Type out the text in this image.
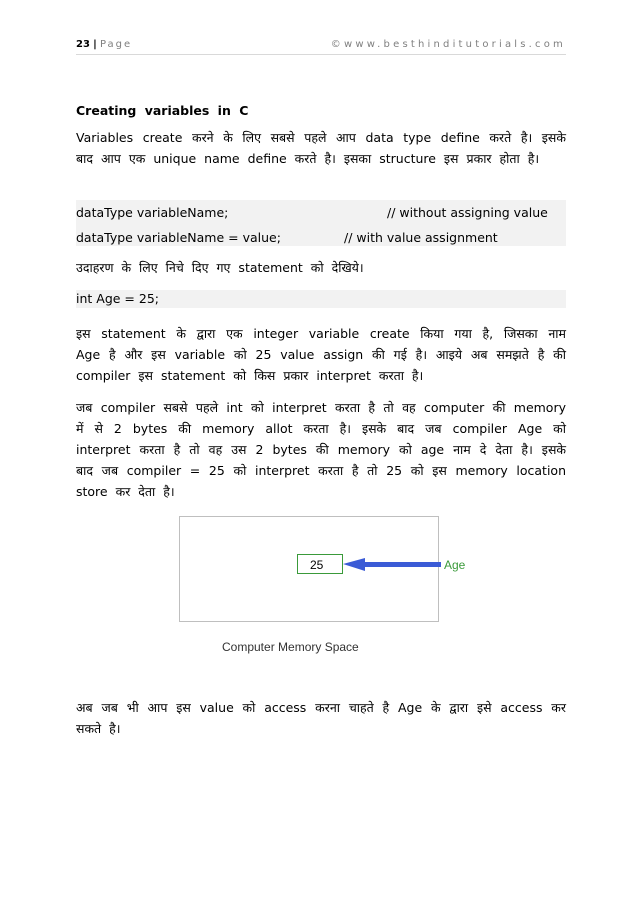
23 | Page	©www.besthinditutorials.com
Creating variables in C
Variables create करने के लिए सबसे पहले आप data type define करते है। इसके
बाद आप एक unique name define करते है। इसका structure इस प्रकार होता है।
dataType variableName;	// without assigning value
dataType variableName = value;	// with value assignment
उदाहरण के लिए निचे दिए गए statement को देखिये।
int Age = 25;
इस statement के द्वारा एक integer variable create किया गया है, जिसका नाम
Age है और इस variable को 25 value assign की गई है। आइये अब समझते है की
compiler इस statement को किस प्रकार interpret करता है।
जब compiler सबसे पहले int को interpret करता है तो वह computer की memory
में से 2 bytes की memory allot करता है। इसके बाद जब compiler Age को
interpret करता है तो वह उस 2 bytes की memory को age नाम दे देता है। इसके
बाद जब compiler = 25 को interpret करता है तो 25 को इस memory location
store कर देता है।
25	Age
Computer Memory Space
अब जब भी आप इस value को access करना चाहते है Age के द्वारा इसे access कर
सकते है।
